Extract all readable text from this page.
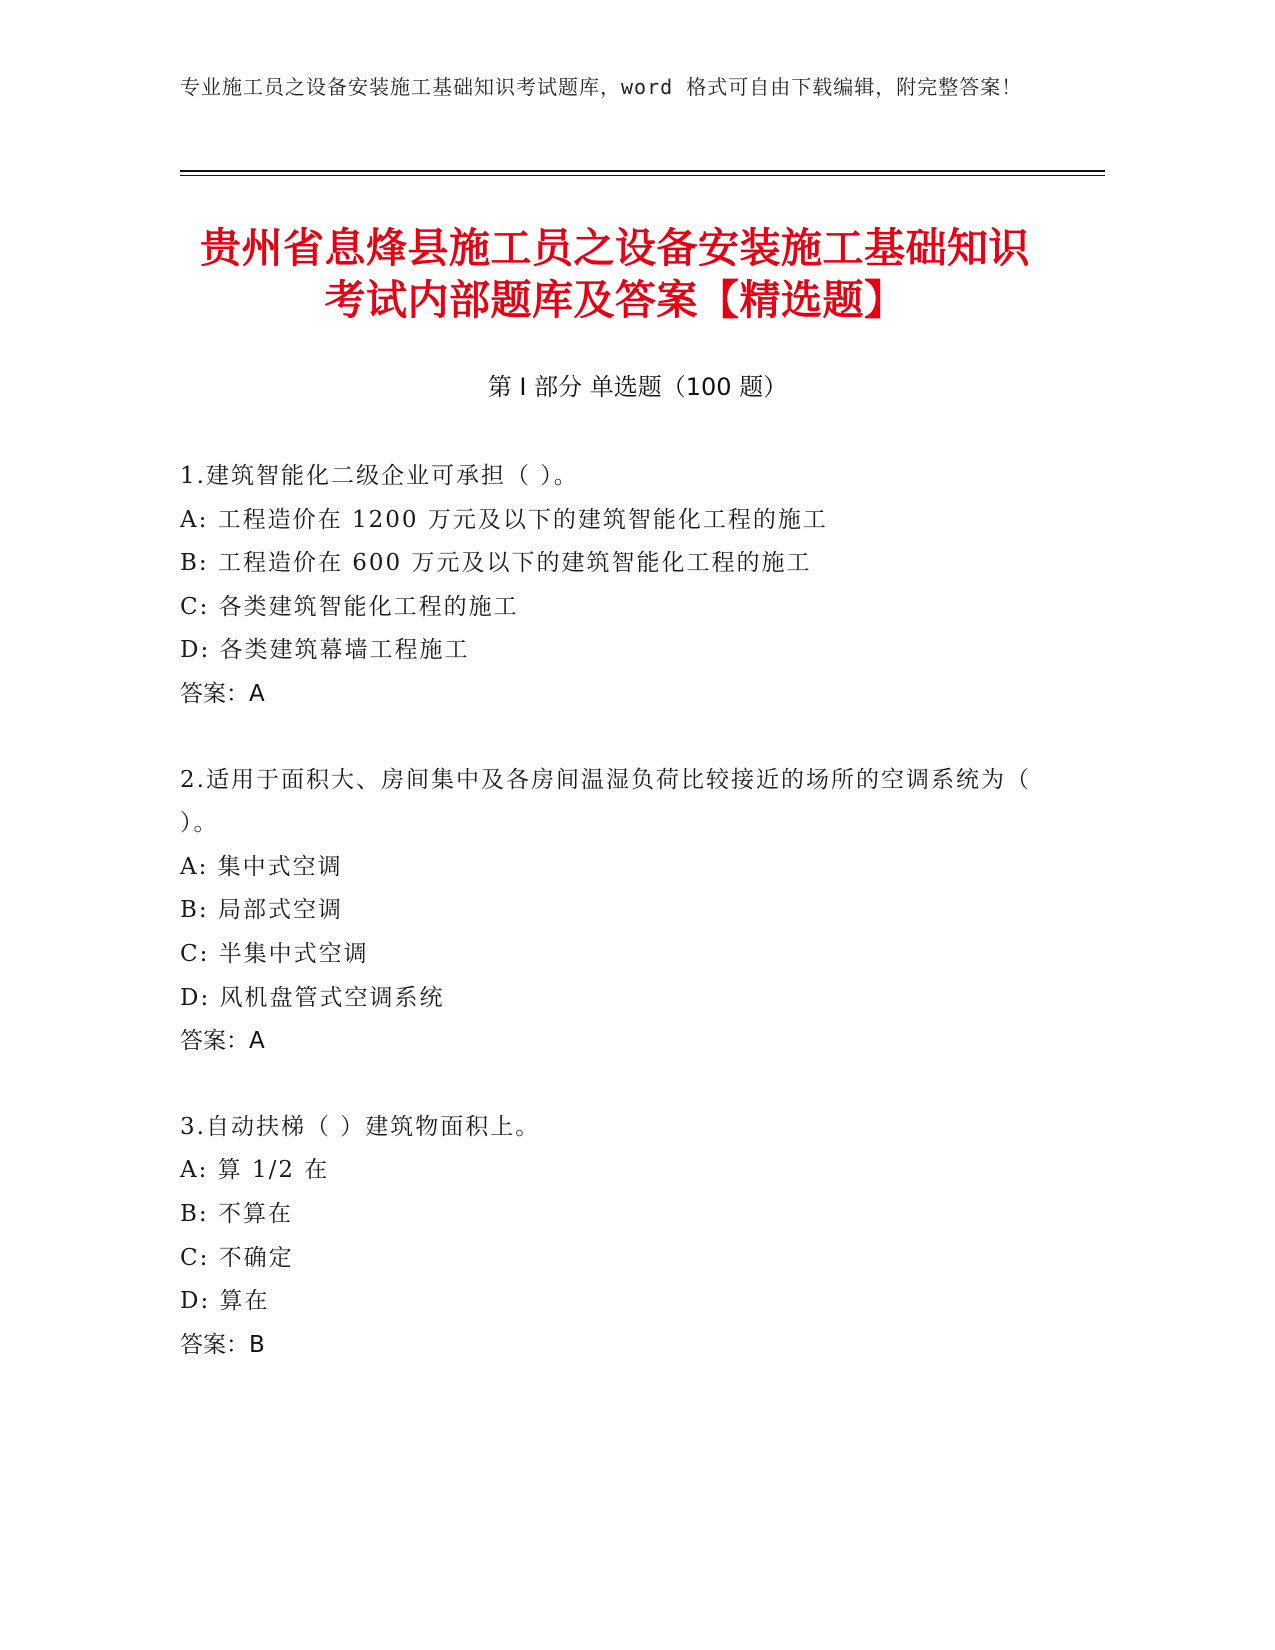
专业施工员之设备安装施工基础知识考试题库，word 格式可自由下载编辑，附完整答案！
贵州省息烽县施工员之设备安装施工基础知识考试内部题库及答案【精选题】
第 I 部分 单选题（100 题）
1.建筑智能化二级企业可承担（ ）。
A: 工程造价在 1200 万元及以下的建筑智能化工程的施工
B: 工程造价在 600 万元及以下的建筑智能化工程的施工
C: 各类建筑智能化工程的施工
D: 各类建筑幕墙工程施工
答案：A
2.适用于面积大、房间集中及各房间温湿负荷比较接近的场所的空调系统为（ ）。
A: 集中式空调
B: 局部式空调
C: 半集中式空调
D: 风机盘管式空调系统
答案：A
3.自动扶梯（ ）建筑物面积上。
A: 算 1/2 在
B: 不算在
C: 不确定
D: 算在
答案：B
